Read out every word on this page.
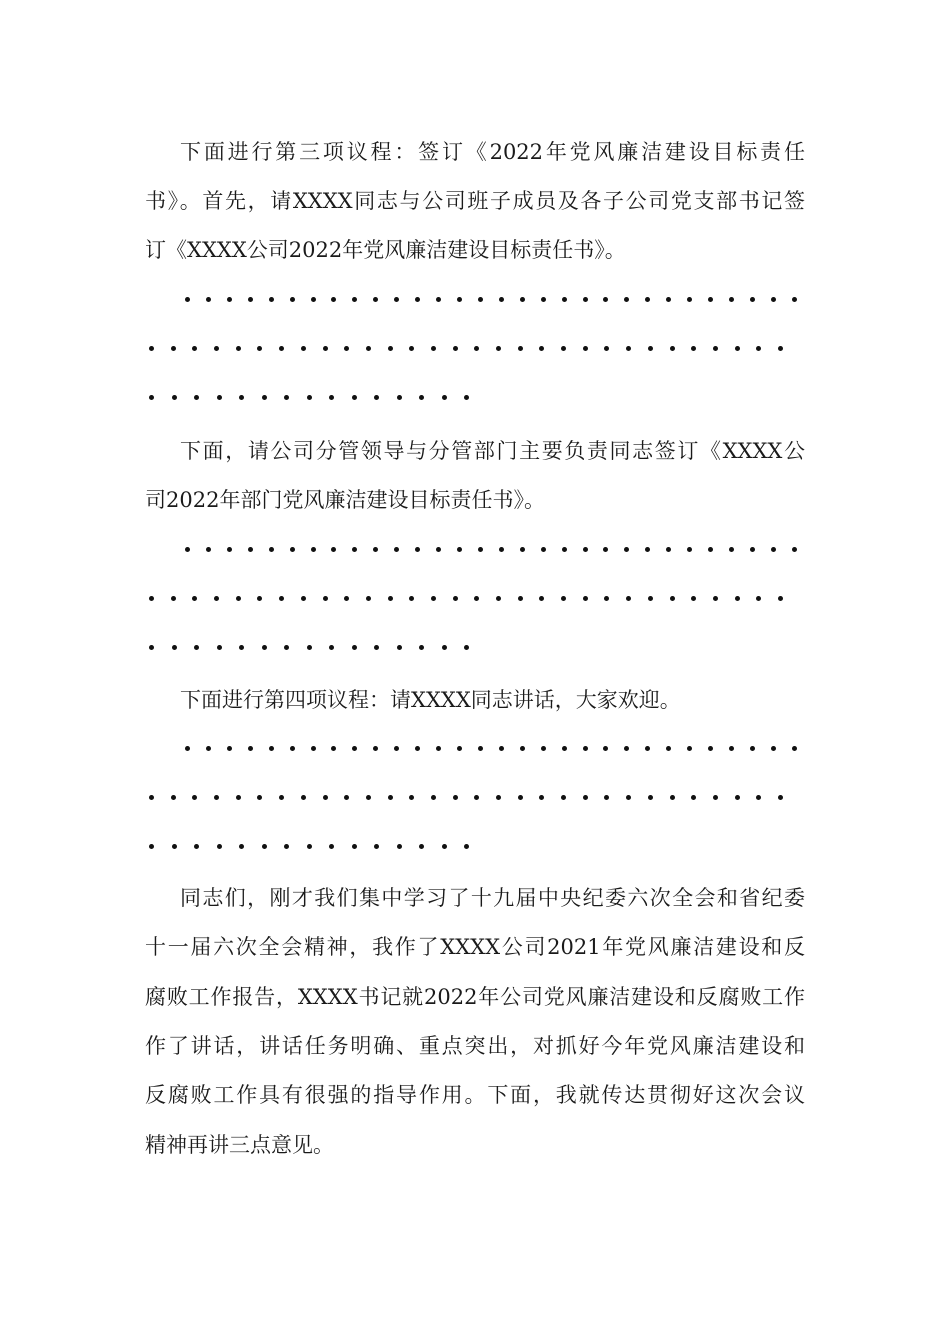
下面进行第三项议程：签订《2022年党风廉洁建设目标责任
书》。首先，请XXXX同志与公司班子成员及各子公司党支部书记签
订《XXXX公司2022年党风廉洁建设目标责任书》。
下面，请公司分管领导与分管部门主要负责同志签订《XXXX公
司2022年部门党风廉洁建设目标责任书》。
下面进行第四项议程：请XXXX同志讲话，大家欢迎。
同志们，刚才我们集中学习了十九届中央纪委六次全会和省纪委
十一届六次全会精神，我作了XXXX公司2021年党风廉洁建设和反
腐败工作报告，XXXX书记就2022年公司党风廉洁建设和反腐败工作
作了讲话，讲话任务明确、重点突出，对抓好今年党风廉洁建设和
反腐败工作具有很强的指导作用。下面，我就传达贯彻好这次会议
精神再讲三点意见。
